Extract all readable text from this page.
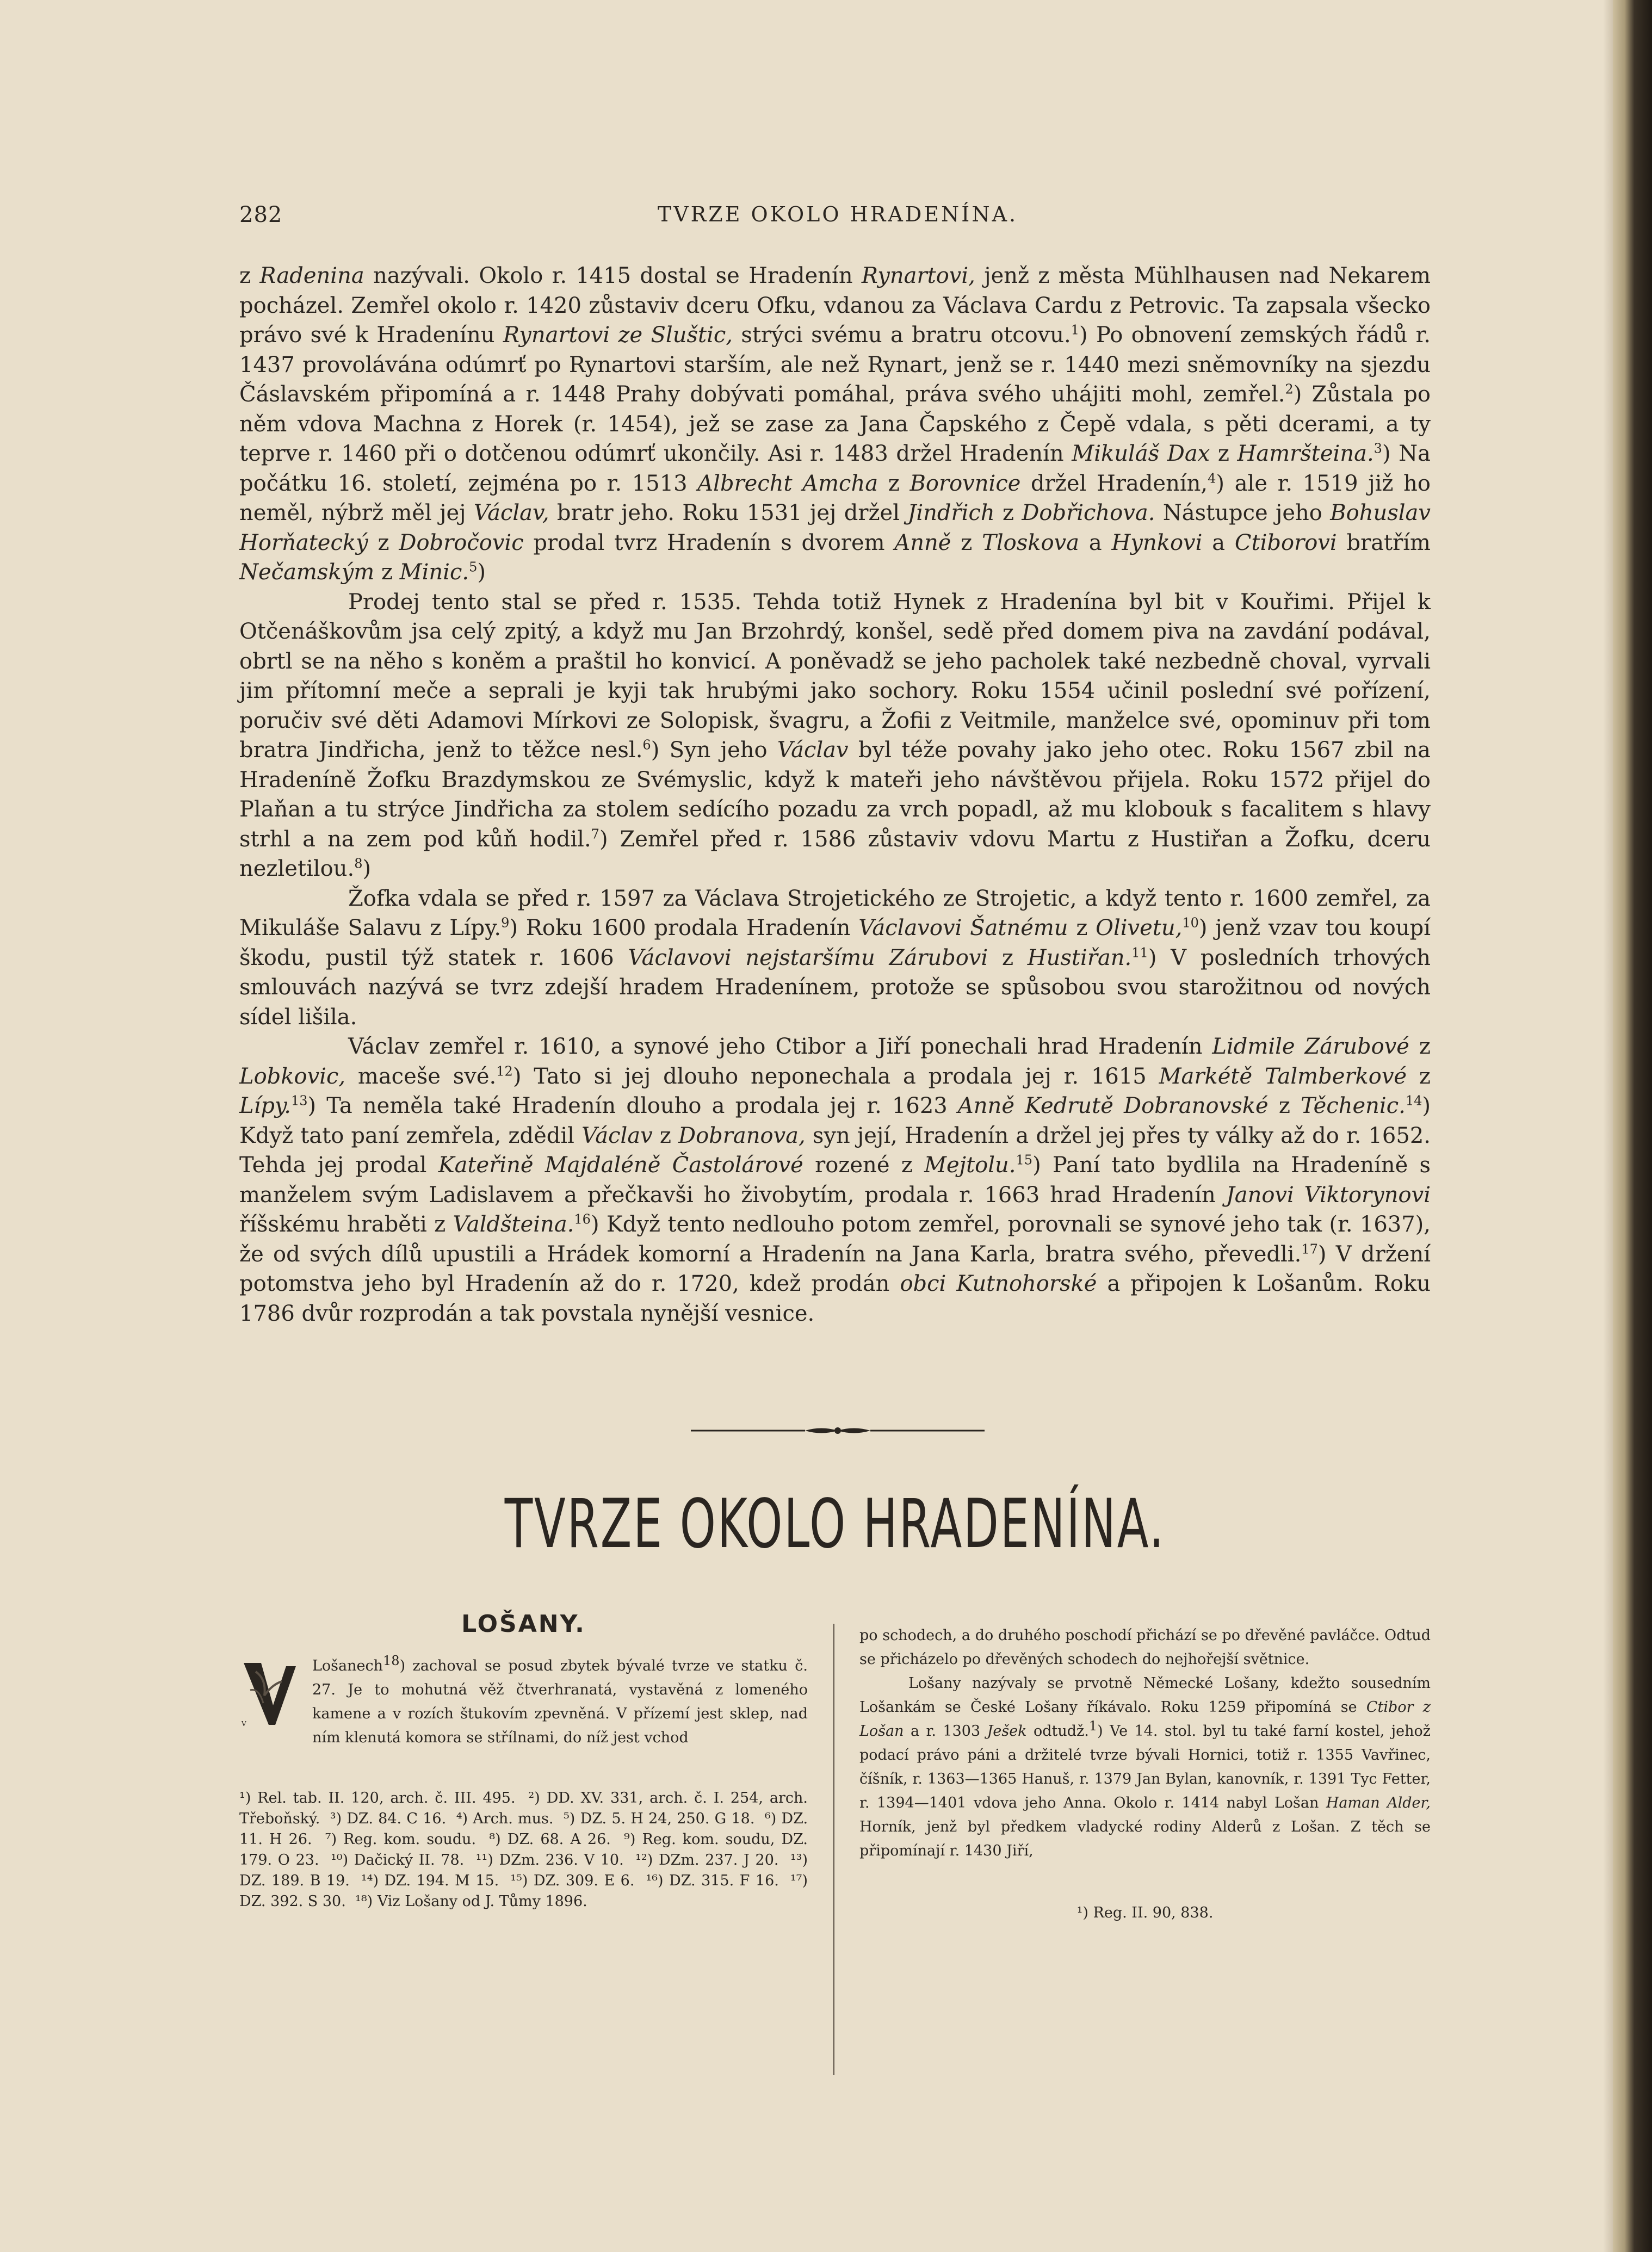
282	TVRZE OKOLO HRADENÍNA.

z Radenina nazývali. Okolo r. 1415 dostal se Hradenín Rynartovi, jenž z města Mühlhausen nad Nekarem pocházel. Zemřel okolo r. 1420 zůstaviv dceru Ofku, vdanou za Václava Cardu z Petrovic. Ta zapsala všecko právo své k Hradenínu Rynartovi ze Sluštic, strýci svému a bratru otcovu.$^1$) Po obnovení zemských řádů r. 1437 provolávána odúmrť po Rynartovi starším, ale než Rynart, jenž se r. 1440 mezi sněmovníky na sjezdu Čáslavském připomíná a r. 1448 Prahy dobývati pomáhal, práva svého uhájiti mohl, zemřel.$^2$) Zůstala po něm vdova Machna z Horek (r. 1454), jež se zase za Jana Čapského z Čepě vdala, s pěti dcerami, a ty teprve r. 1460 při o dotčenou odúmrť ukončily. Asi r. 1483 držel Hradenín Mikuláš Dax z Hamršteina.$^3$) Na počátku 16. století, zejména po r. 1513 Albrecht Amcha z Borovnice držel Hradenín,$^4$) ale r. 1519 již ho neměl, nýbrž měl jej Václav, bratr jeho. Roku 1531 jej držel Jindřich z Dobřichova. Nástupce jeho Bohuslav Horňatecký z Dobročovic prodal tvrz Hradenín s dvorem Anně z Tloskova a Hynkovi a Ctiborovi bratřím Nečamským z Minic.$^5$)

Prodej tento stal se před r. 1535. Tehda totiž Hynek z Hradenína byl bit v Kouřimi. Přijel k Otčenáškovům jsa celý zpitý, a když mu Jan Brzohrdý, konšel, sedě před domem piva na zavdání podával, obrtl se na něho s koněm a praštil ho konvicí. A poněvadž se jeho pacholek také nezbedně choval, vyrvali jim přítomní meče a seprali je kyji tak hrubými jako sochory. Roku 1554 učinil poslední své pořízení, poručiv své děti Adamovi Mírkovi ze Solopisk, švagru, a Žofii z Veitmile, manželce své, opominuv při tom bratra Jindřicha, jenž to těžce nesl.$^6$) Syn jeho Václav byl téže povahy jako jeho otec. Roku 1567 zbil na Hradeníně Žofku Brazdymskou ze Svémyslic, když k mateři jeho návštěvou přijela. Roku 1572 přijel do Plaňan a tu strýce Jindřicha za stolem sedícího pozadu za vrch popadl, až mu klobouk s facalitem s hlavy strhl a na zem pod kůň hodil.$^7$) Zemřel před r. 1586 zůstaviv vdovu Martu z Hustiřan a Žofku, dceru nezletilou.$^8$)

Žofka vdala se před r. 1597 za Václava Strojetického ze Strojetic, a když tento r. 1600 zemřel, za Mikuláše Salavu z Lípy.$^9$) Roku 1600 prodala Hradenín Václavovi Šatnému z Olivetu,$^{10}$) jenž vzav tou koupí škodu, pustil týž statek r. 1606 Václavovi nejstaršímu Zárubovi z Hustiřan.$^{11}$) V posledních trhových smlouvách nazývá se tvrz zdejší hradem Hradenínem, protože se spůsobou svou starožitnou od nových sídel lišila.

Václav zemřel r. 1610, a synové jeho Ctibor a Jiří ponechali hrad Hradenín Lidmile Zárubové z Lobkovic, maceše své.$^{12}$) Tato si jej dlouho neponechala a prodala jej r. 1615 Markétě Talmberkové z Lípy.$^{13}$) Ta neměla také Hradenín dlouho a prodala jej r. 1623 Anně Kedrutě Dobranovské z Těchenic.$^{14}$) Když tato paní zemřela, zdědil Václav z Dobranova, syn její, Hradenín a držel jej přes ty války až do r. 1652. Tehda jej prodal Kateřině Majdaléně Častolárové rozené z Mejtolu.$^{15}$) Paní tato bydlila na Hradeníně s manželem svým Ladislavem a přečkavši ho živobytím, prodala r. 1663 hrad Hradenín Janovi Viktorynovi říšskému hraběti z Valdšteina.$^{16}$) Když tento nedlouho potom zemřel, porovnali se synové jeho tak (r. 1637), že od svých dílů upustili a Hrádek komorní a Hradenín na Jana Karla, bratra svého, převedli.$^{17}$) V držení potomstva jeho byl Hradenín až do r. 1720, kdež prodán obci Kutnohorské a připojen k Lošanům. Roku 1786 dvůr rozprodán a tak povstala nynější vesnice.

TVRZE OKOLO HRADENÍNA.
LOŠANY.
V
Lošanech$^{18}$) zachoval se posud zbytek bývalé tvrze ve statku č. 27. Je to mohutná věž čtverhranatá, vystavěná z lomeného kamene a v rozích štukovím zpevněná. V přízemí jest sklep, nad ním klenutá komora se střílnami, do níž jest vchod
¹) Rel. tab. II. 120, arch. č. III. 495. ²) DD. XV. 331, arch. č. I. 254, arch. Třeboňský. ³) DZ. 84. C 16. ⁴) Arch. mus. ⁵) DZ. 5. H 24, 250. G 18. ⁶) DZ. 11. H 26. ⁷) Reg. kom. soudu. ⁸) DZ. 68. A 26. ⁹) Reg. kom. soudu, DZ. 179. O 23. ¹⁰) Dačický II. 78. ¹¹) DZm. 236. V 10. ¹²) DZm. 237. J 20. ¹³) DZ. 189. B 19. ¹⁴) DZ. 194. M 15. ¹⁵) DZ. 309. E 6. ¹⁶) DZ. 315. F 16. ¹⁷) DZ. 392. S 30. ¹⁸) Viz Lošany od J. Tůmy 1896.

po schodech, a do druhého poschodí přichází se po dřevěné pavláčce. Odtud se přicházelo po dřevěných schodech do nejhořejší světnice.

Lošany nazývaly se prvotně Německé Lošany, kdežto sousedním Lošankám se České Lošany říkávalo. Roku 1259 připomíná se Ctibor z Lošan a r. 1303 Ješek odtudž.$^1$) Ve 14. stol. byl tu také farní kostel, jehož podací právo páni a držitelé tvrze bývali Hornici, totiž r. 1355 Vavřinec, číšník, r. 1363—1365 Hanuš, r. 1379 Jan Bylan, kanovník, r. 1391 Tyc Fetter, r. 1394—1401 vdova jeho Anna. Okolo r. 1414 nabyl Lošan Haman Alder, Horník, jenž byl předkem vladycké rodiny Alderů z Lošan. Z těch se připomínají r. 1430 Jiří,

¹) Reg. II. 90, 838.
